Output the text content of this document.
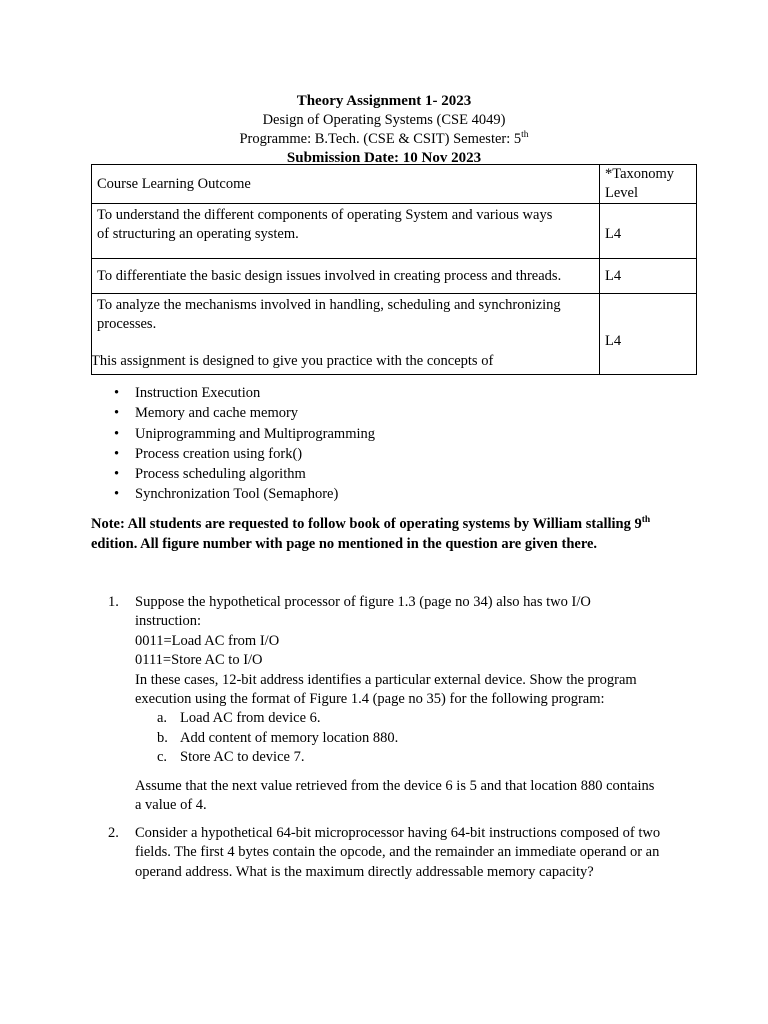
Theory Assignment 1- 2023
Design of Operating Systems (CSE 4049)
Programme: B.Tech. (CSE & CSIT) Semester: 5th
Submission Date: 10 Nov 2023
Course Learning Outcome	*Taxonomy
Level

To understand the different components of operating System and various ways
of structuring an operating system.	L4
To differentiate the basic design issues involved in creating process and threads.	L4

To analyze the mechanisms involved in handling, scheduling and synchronizing
processes.	L4
This assignment is designed to give you practice with the concepts of
• Instruction Execution
• Memory and cache memory
• Uniprogramming and Multiprogramming
• Process creation using fork()
• Process scheduling algorithm
• Synchronization Tool (Semaphore)
Note: All students are requested to follow book of operating systems by William stalling 9th
edition. All figure number with page no mentioned in the question are given there.
1.	Suppose the hypothetical processor of figure 1.3 (page no 34) also has two I/O
instruction:
0011=Load AC from I/O
0111=Store AC to I/O
In these cases, 12-bit address identifies a particular external device. Show the program
execution using the format of Figure 1.4 (page no 35) for the following program:
a. Load AC from device 6.
b. Add content of memory location 880.
c. Store AC to device 7.
Assume that the next value retrieved from the device 6 is 5 and that location 880 contains
a value of 4.
2.	Consider a hypothetical 64-bit microprocessor having 64-bit instructions composed of two
fields. The first 4 bytes contain the opcode, and the remainder an immediate operand or an
operand address. What is the maximum directly addressable memory capacity?
